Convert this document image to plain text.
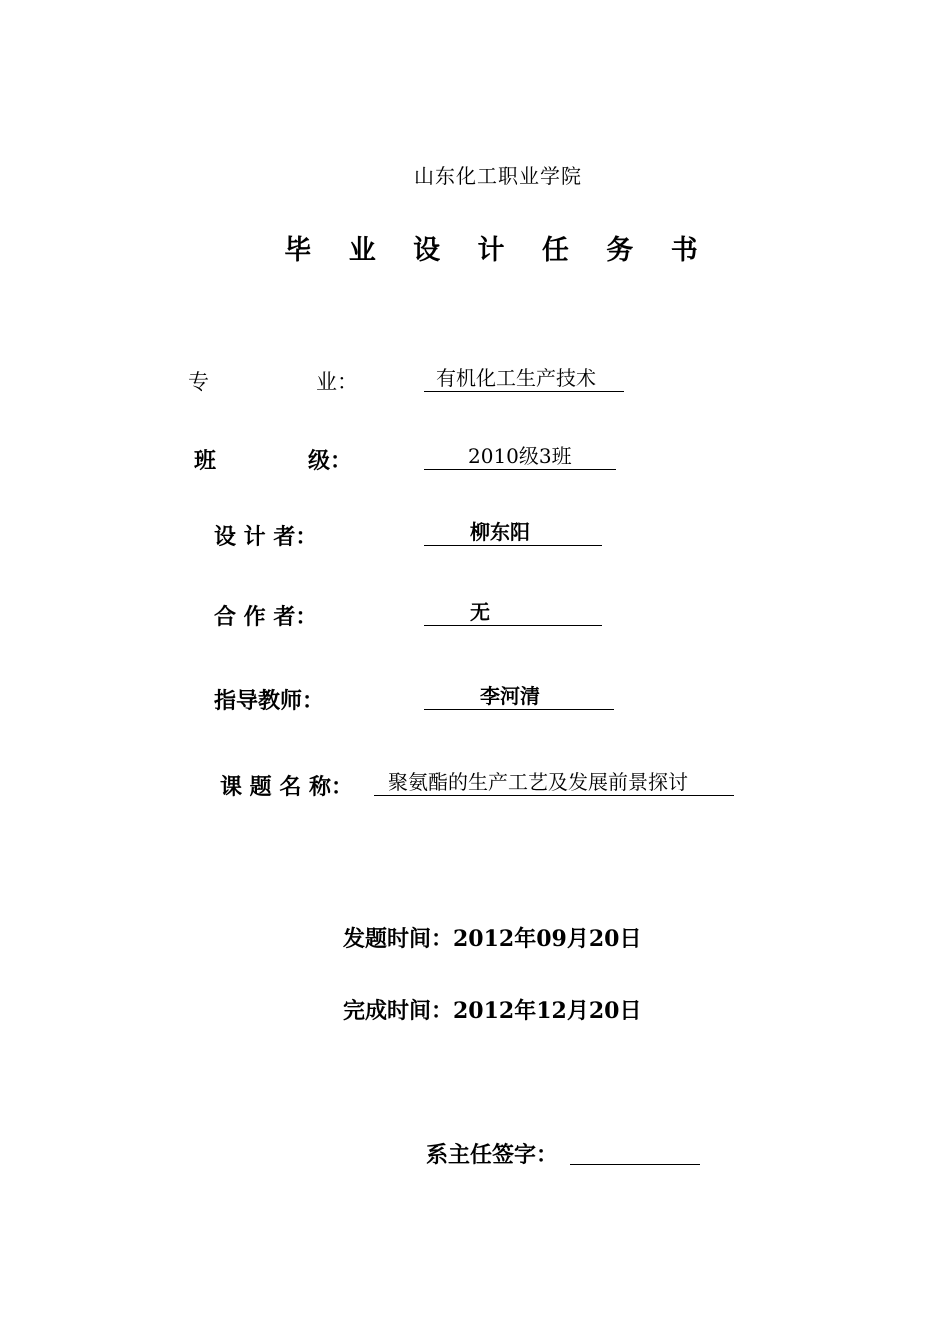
山东化工职业学院
毕 业 设 计 任 务 书
专	业：	有机化工生产技术
班	级：	2010级3班
设 计 者：	柳东阳
合 作 者：	无
指导教师：	李河清
课 题 名 称：	聚氨酯的生产工艺及发展前景探讨
发题时间：2012年09月20日
完成时间：2012年12月20日
系主任签字：
